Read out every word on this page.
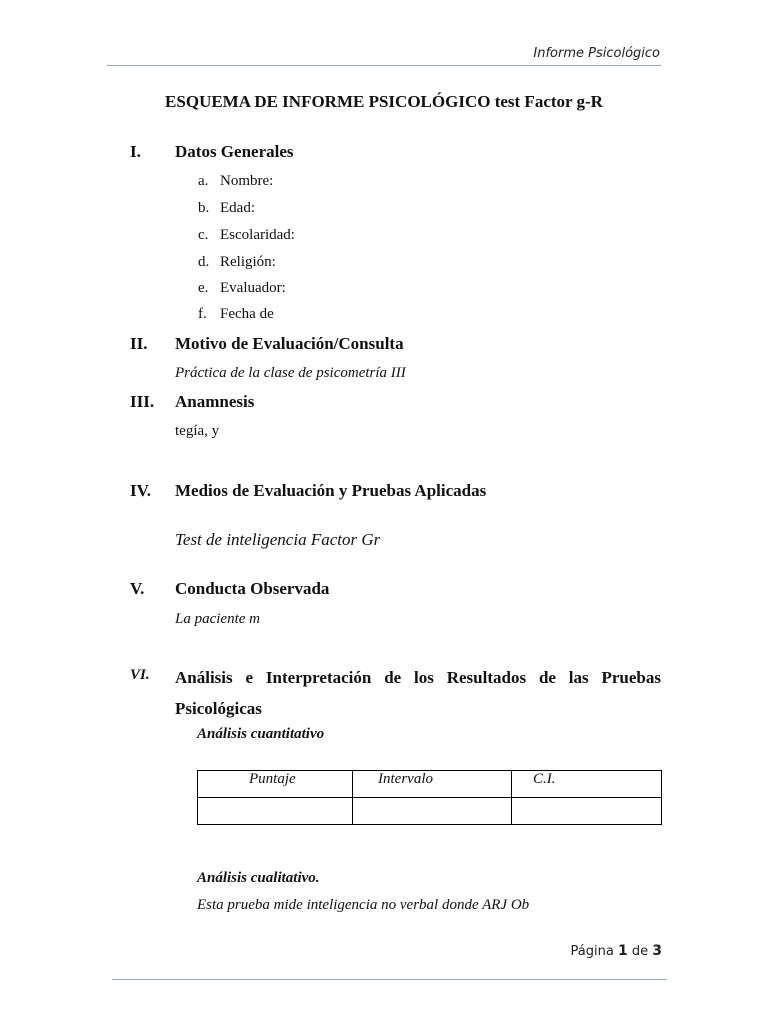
Informe Psicológico
ESQUEMA DE INFORME PSICOLÓGICO test Factor g-R
I. Datos Generales
a. Nombre:
b. Edad:
c. Escolaridad:
d. Religión:
e. Evaluador:
f. Fecha de
II. Motivo de Evaluación/Consulta
Práctica de la clase de psicometría III
III. Anamnesis
tegía, y
IV. Medios de Evaluación y Pruebas Aplicadas
Test de inteligencia Factor Gr
V. Conducta Observada
La paciente m
VI. Análisis e Interpretación de los Resultados de las Pruebas Psicológicas
Análisis cuantitativo
Puntaje	Intervalo	C.I.

Análisis cualitativo.
Esta prueba mide inteligencia no verbal donde ARJ Ob
Página 1 de 3
